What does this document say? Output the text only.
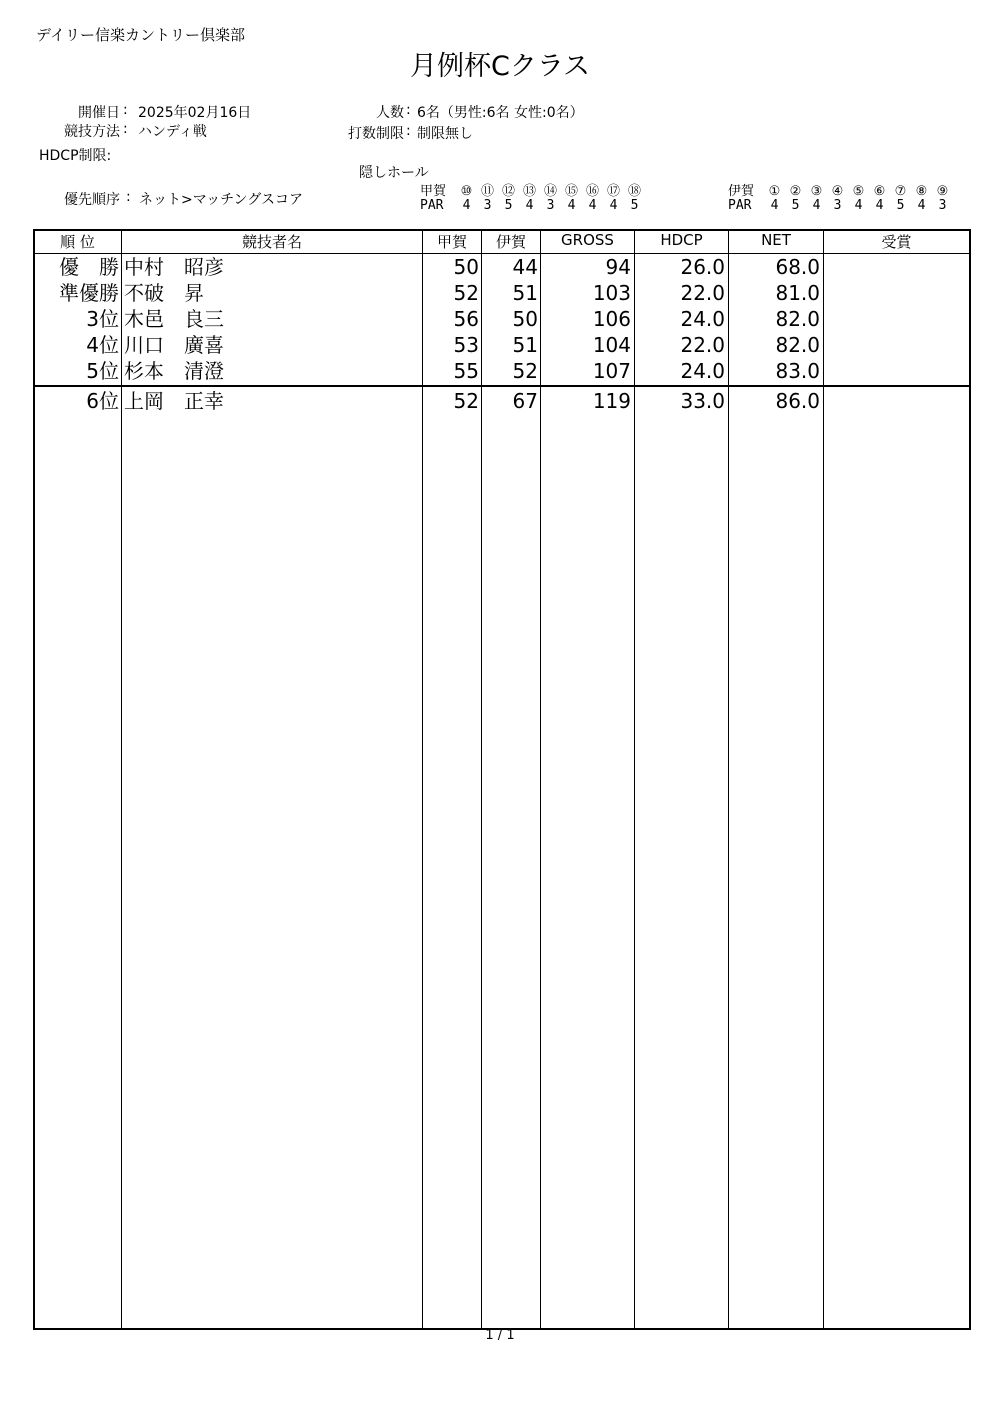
デイリー信楽カントリー倶楽部
月例杯Cクラス
開催日 : 2025年02月16日
競技方法 : ハンディ戦
HDCP制限:
優先順序 : ネット>マッチングスコア
人数 : 6名（男性:6名 女性:0名）
打数制限 : 制限無し
隠しホール
甲賀 ⑩ ⑪ ⑫ ⑬ ⑭ ⑮ ⑯ ⑰ ⑱
PAR 4 3 5 4 3 4 4 4 5
伊賀 ① ② ③ ④ ⑤ ⑥ ⑦ ⑧ ⑨
PAR 4 5 4 3 4 4 5 4 3
順 位	競技者名	甲賀	伊賀	GROSS	HDCP	NET	受賞
優　勝 中村　昭彦	50	44	94	26.0	68.0
準優勝 不破　昇	52	51	103	22.0	81.0
3位 木邑　良三	56	50	106	24.0	82.0
4位 川口　廣喜	53	51	104	22.0	82.0
5位 杉本　清澄	55	52	107	24.0	83.0
6位 上岡　正幸	52	67	119	33.0	86.0
1 / 1
